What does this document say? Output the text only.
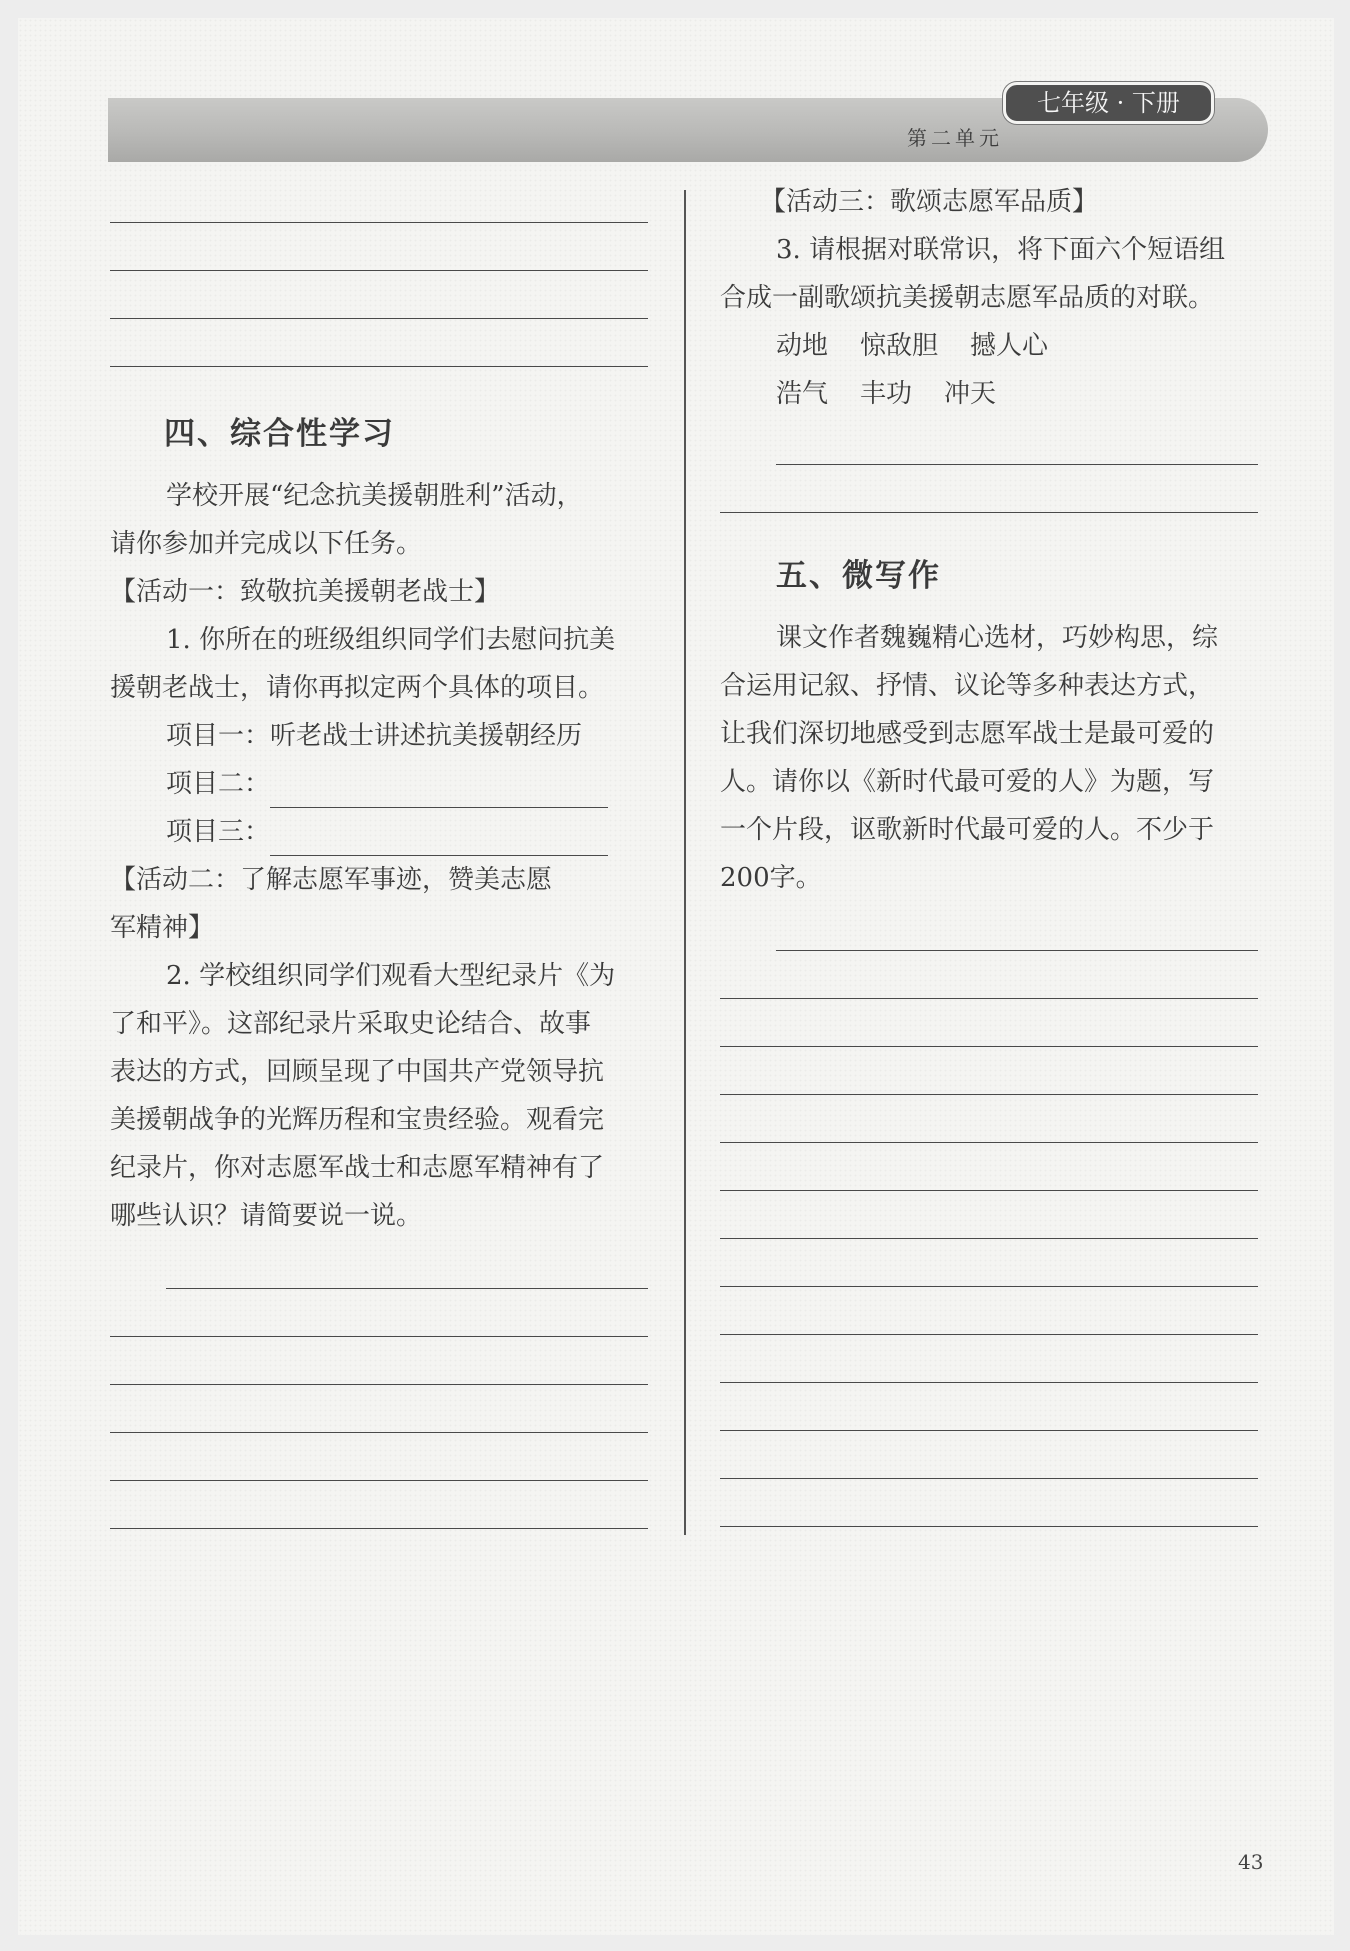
七年级 · 下册
第二单元
四、综合性学习
学校开展“纪念抗美援朝胜利”活动，
请你参加并完成以下任务。
【活动一：致敬抗美援朝老战士】
1. 你所在的班级组织同学们去慰问抗美
援朝老战士，请你再拟定两个具体的项目。
项目一：听老战士讲述抗美援朝经历
项目二：
项目三：
【活动二：了解志愿军事迹，赞美志愿
军精神】
2. 学校组织同学们观看大型纪录片《为
了和平》。这部纪录片采取史论结合、故事
表达的方式，回顾呈现了中国共产党领导抗
美援朝战争的光辉历程和宝贵经验。观看完
纪录片，你对志愿军战士和志愿军精神有了
哪些认识？请简要说一说。
【活动三：歌颂志愿军品质】
3. 请根据对联常识，将下面六个短语组
合成一副歌颂抗美援朝志愿军品质的对联。
动地 惊敌胆 撼人心
浩气 丰功 冲天
五、微写作
课文作者魏巍精心选材，巧妙构思，综
合运用记叙、抒情、议论等多种表达方式，
让我们深切地感受到志愿军战士是最可爱的
人。请你以《新时代最可爱的人》为题，写
一个片段，讴歌新时代最可爱的人。不少于
200字。
43
